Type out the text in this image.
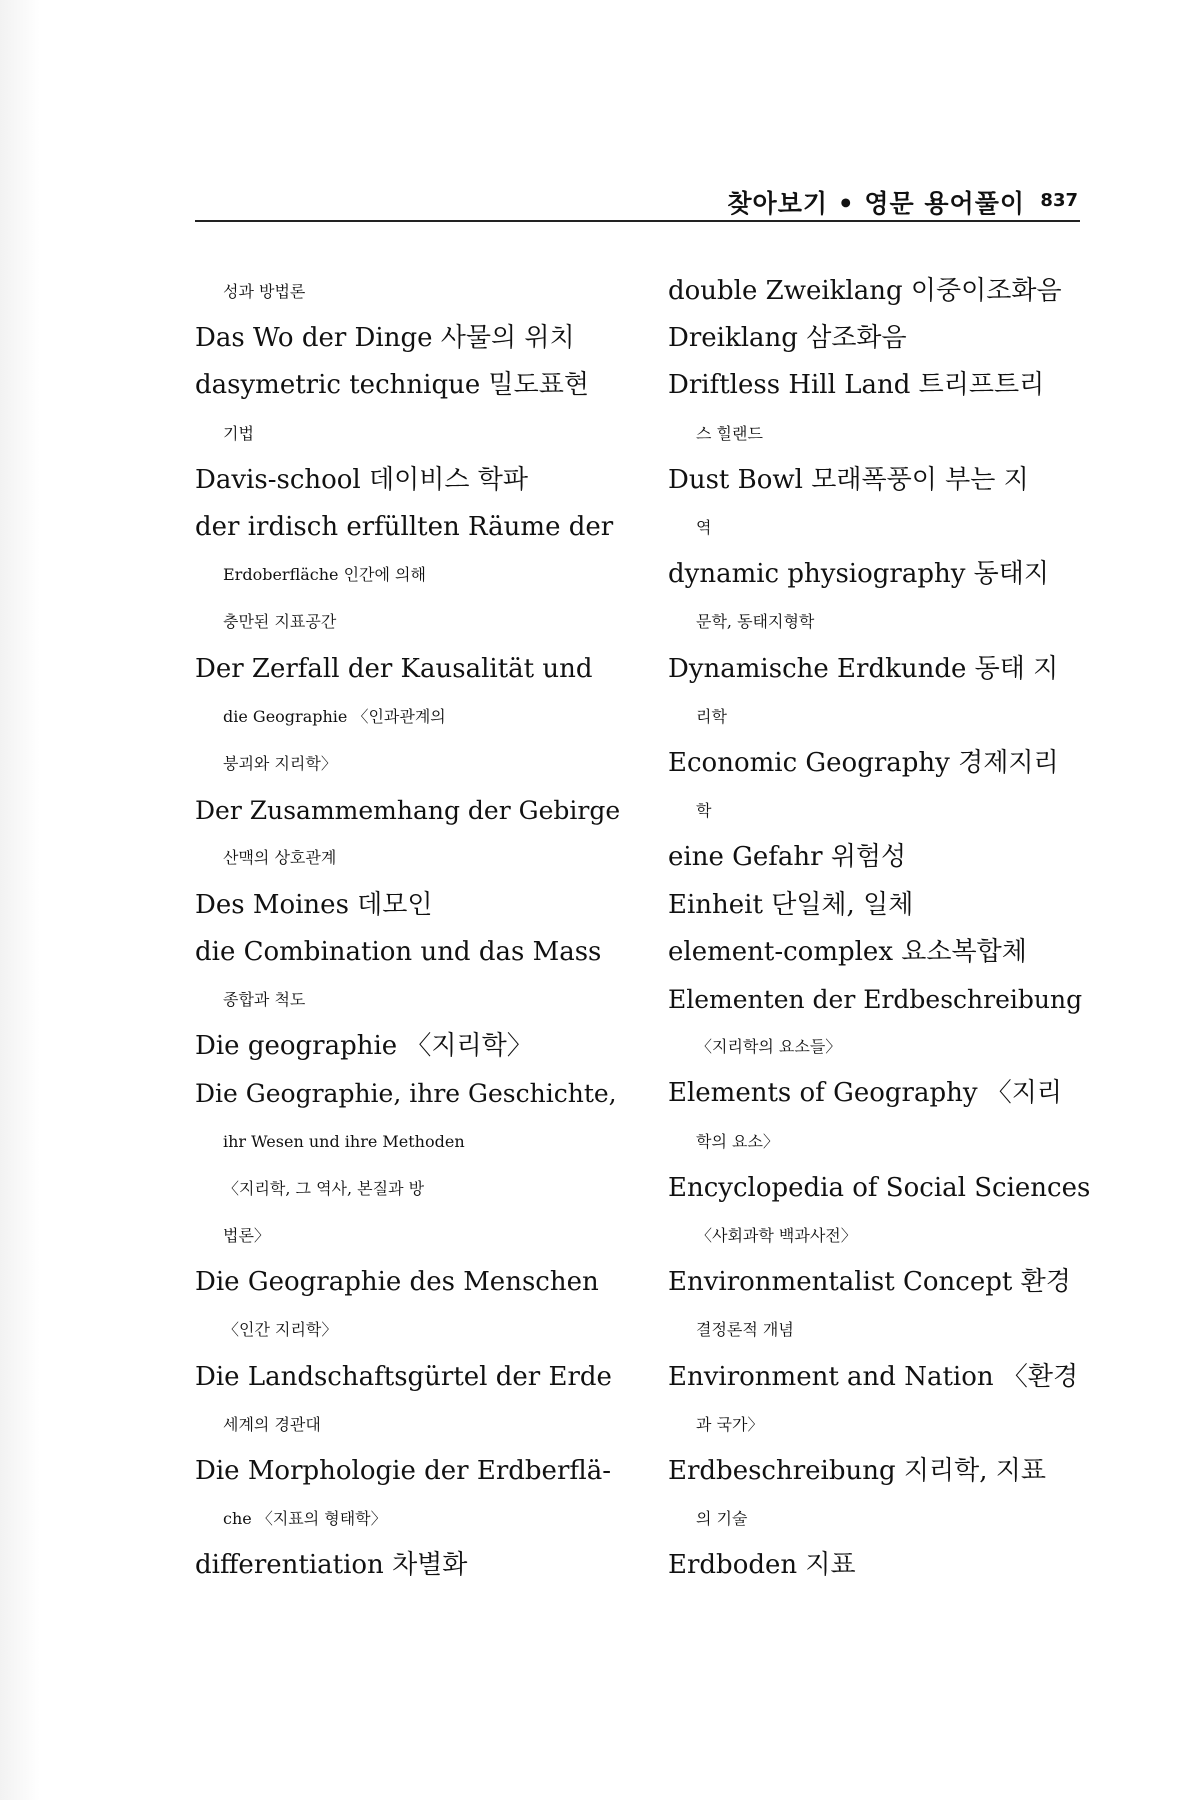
찾아보기 • 영문 용어풀이 837
성과 방법론
Das Wo der Dinge 사물의 위치
dasymetric technique 밀도표현
기법
Davis-school 데이비스 학파
der irdisch erfüllten Räume der
Erdoberfläche 인간에 의해
충만된 지표공간
Der Zerfall der Kausalität und
die Geographie 〈인과관계의
붕괴와 지리학〉
Der Zusammemhang der Gebirge
산맥의 상호관계
Des Moines 데모인
die Combination und das Mass
종합과 척도
Die geographie 〈지리학〉
Die Geographie, ihre Geschichte,
ihr Wesen und ihre Methoden
〈지리학, 그 역사, 본질과 방
법론〉
Die Geographie des Menschen
〈인간 지리학〉
Die Landschaftsgürtel der Erde
세계의 경관대
Die Morphologie der Erdberflä-
che 〈지표의 형태학〉
differentiation 차별화
double Zweiklang 이중이조화음
Dreiklang 삼조화음
Driftless Hill Land 트리프트리
스 힐랜드
Dust Bowl 모래폭풍이 부는 지
역
dynamic physiography 동태지
문학, 동태지형학
Dynamische Erdkunde 동태 지
리학
Economic Geography 경제지리
학
eine Gefahr 위험성
Einheit 단일체, 일체
element-complex 요소복합체
Elementen der Erdbeschreibung
〈지리학의 요소들〉
Elements of Geography 〈지리
학의 요소〉
Encyclopedia of Social Sciences
〈사회과학 백과사전〉
Environmentalist Concept 환경
결정론적 개념
Environment and Nation 〈환경
과 국가〉
Erdbeschreibung 지리학, 지표
의 기술
Erdboden 지표
